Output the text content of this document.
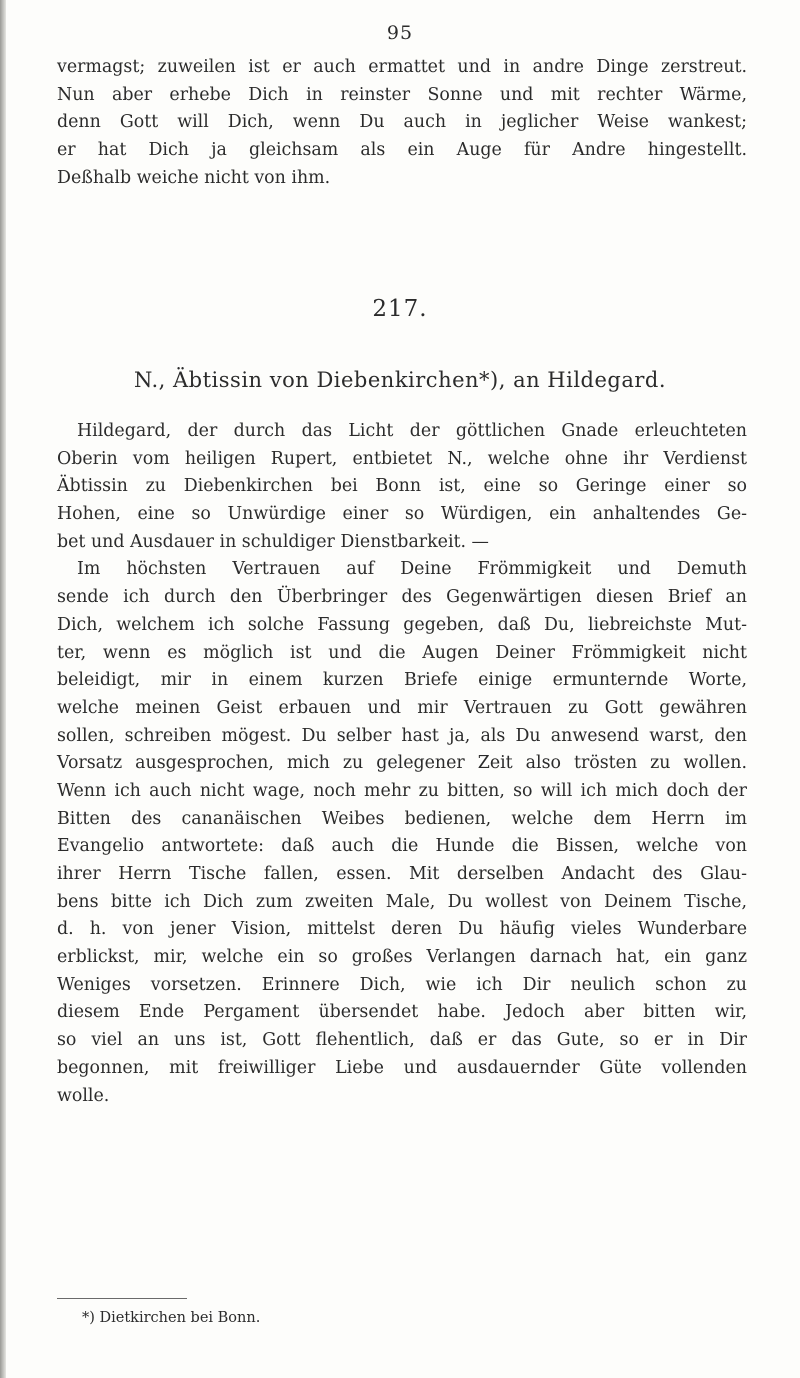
95
vermagst; zuweilen ist er auch ermattet und in andre Dinge zerstreut.
Nun aber erhebe Dich in reinster Sonne und mit rechter Wärme,
denn Gott will Dich, wenn Du auch in jeglicher Weise wankest;
er hat Dich ja gleichsam als ein Auge für Andre hingestellt.
Deßhalb weiche nicht von ihm.
217.
N., Äbtissin von Diebenkirchen*), an Hildegard.
Hildegard, der durch das Licht der göttlichen Gnade erleuchteten
Oberin vom heiligen Rupert, entbietet N., welche ohne ihr Verdienst
Äbtissin zu Diebenkirchen bei Bonn ist, eine so Geringe einer so
Hohen, eine so Unwürdige einer so Würdigen, ein anhaltendes Ge-
bet und Ausdauer in schuldiger Dienstbarkeit. —
Im höchsten Vertrauen auf Deine Frömmigkeit und Demuth
sende ich durch den Überbringer des Gegenwärtigen diesen Brief an
Dich, welchem ich solche Fassung gegeben, daß Du, liebreichste Mut-
ter, wenn es möglich ist und die Augen Deiner Frömmigkeit nicht
beleidigt, mir in einem kurzen Briefe einige ermunternde Worte,
welche meinen Geist erbauen und mir Vertrauen zu Gott gewähren
sollen, schreiben mögest. Du selber hast ja, als Du anwesend warst, den
Vorsatz ausgesprochen, mich zu gelegener Zeit also trösten zu wollen.
Wenn ich auch nicht wage, noch mehr zu bitten, so will ich mich doch der
Bitten des cananäischen Weibes bedienen, welche dem Herrn im
Evangelio antwortete: daß auch die Hunde die Bissen, welche von
ihrer Herrn Tische fallen, essen. Mit derselben Andacht des Glau-
bens bitte ich Dich zum zweiten Male, Du wollest von Deinem Tische,
d. h. von jener Vision, mittelst deren Du häufig vieles Wunderbare
erblickst, mir, welche ein so großes Verlangen darnach hat, ein ganz
Weniges vorsetzen. Erinnere Dich, wie ich Dir neulich schon zu
diesem Ende Pergament übersendet habe. Jedoch aber bitten wir,
so viel an uns ist, Gott flehentlich, daß er das Gute, so er in Dir
begonnen, mit freiwilliger Liebe und ausdauernder Güte vollenden
wolle.
*) Dietkirchen bei Bonn.
